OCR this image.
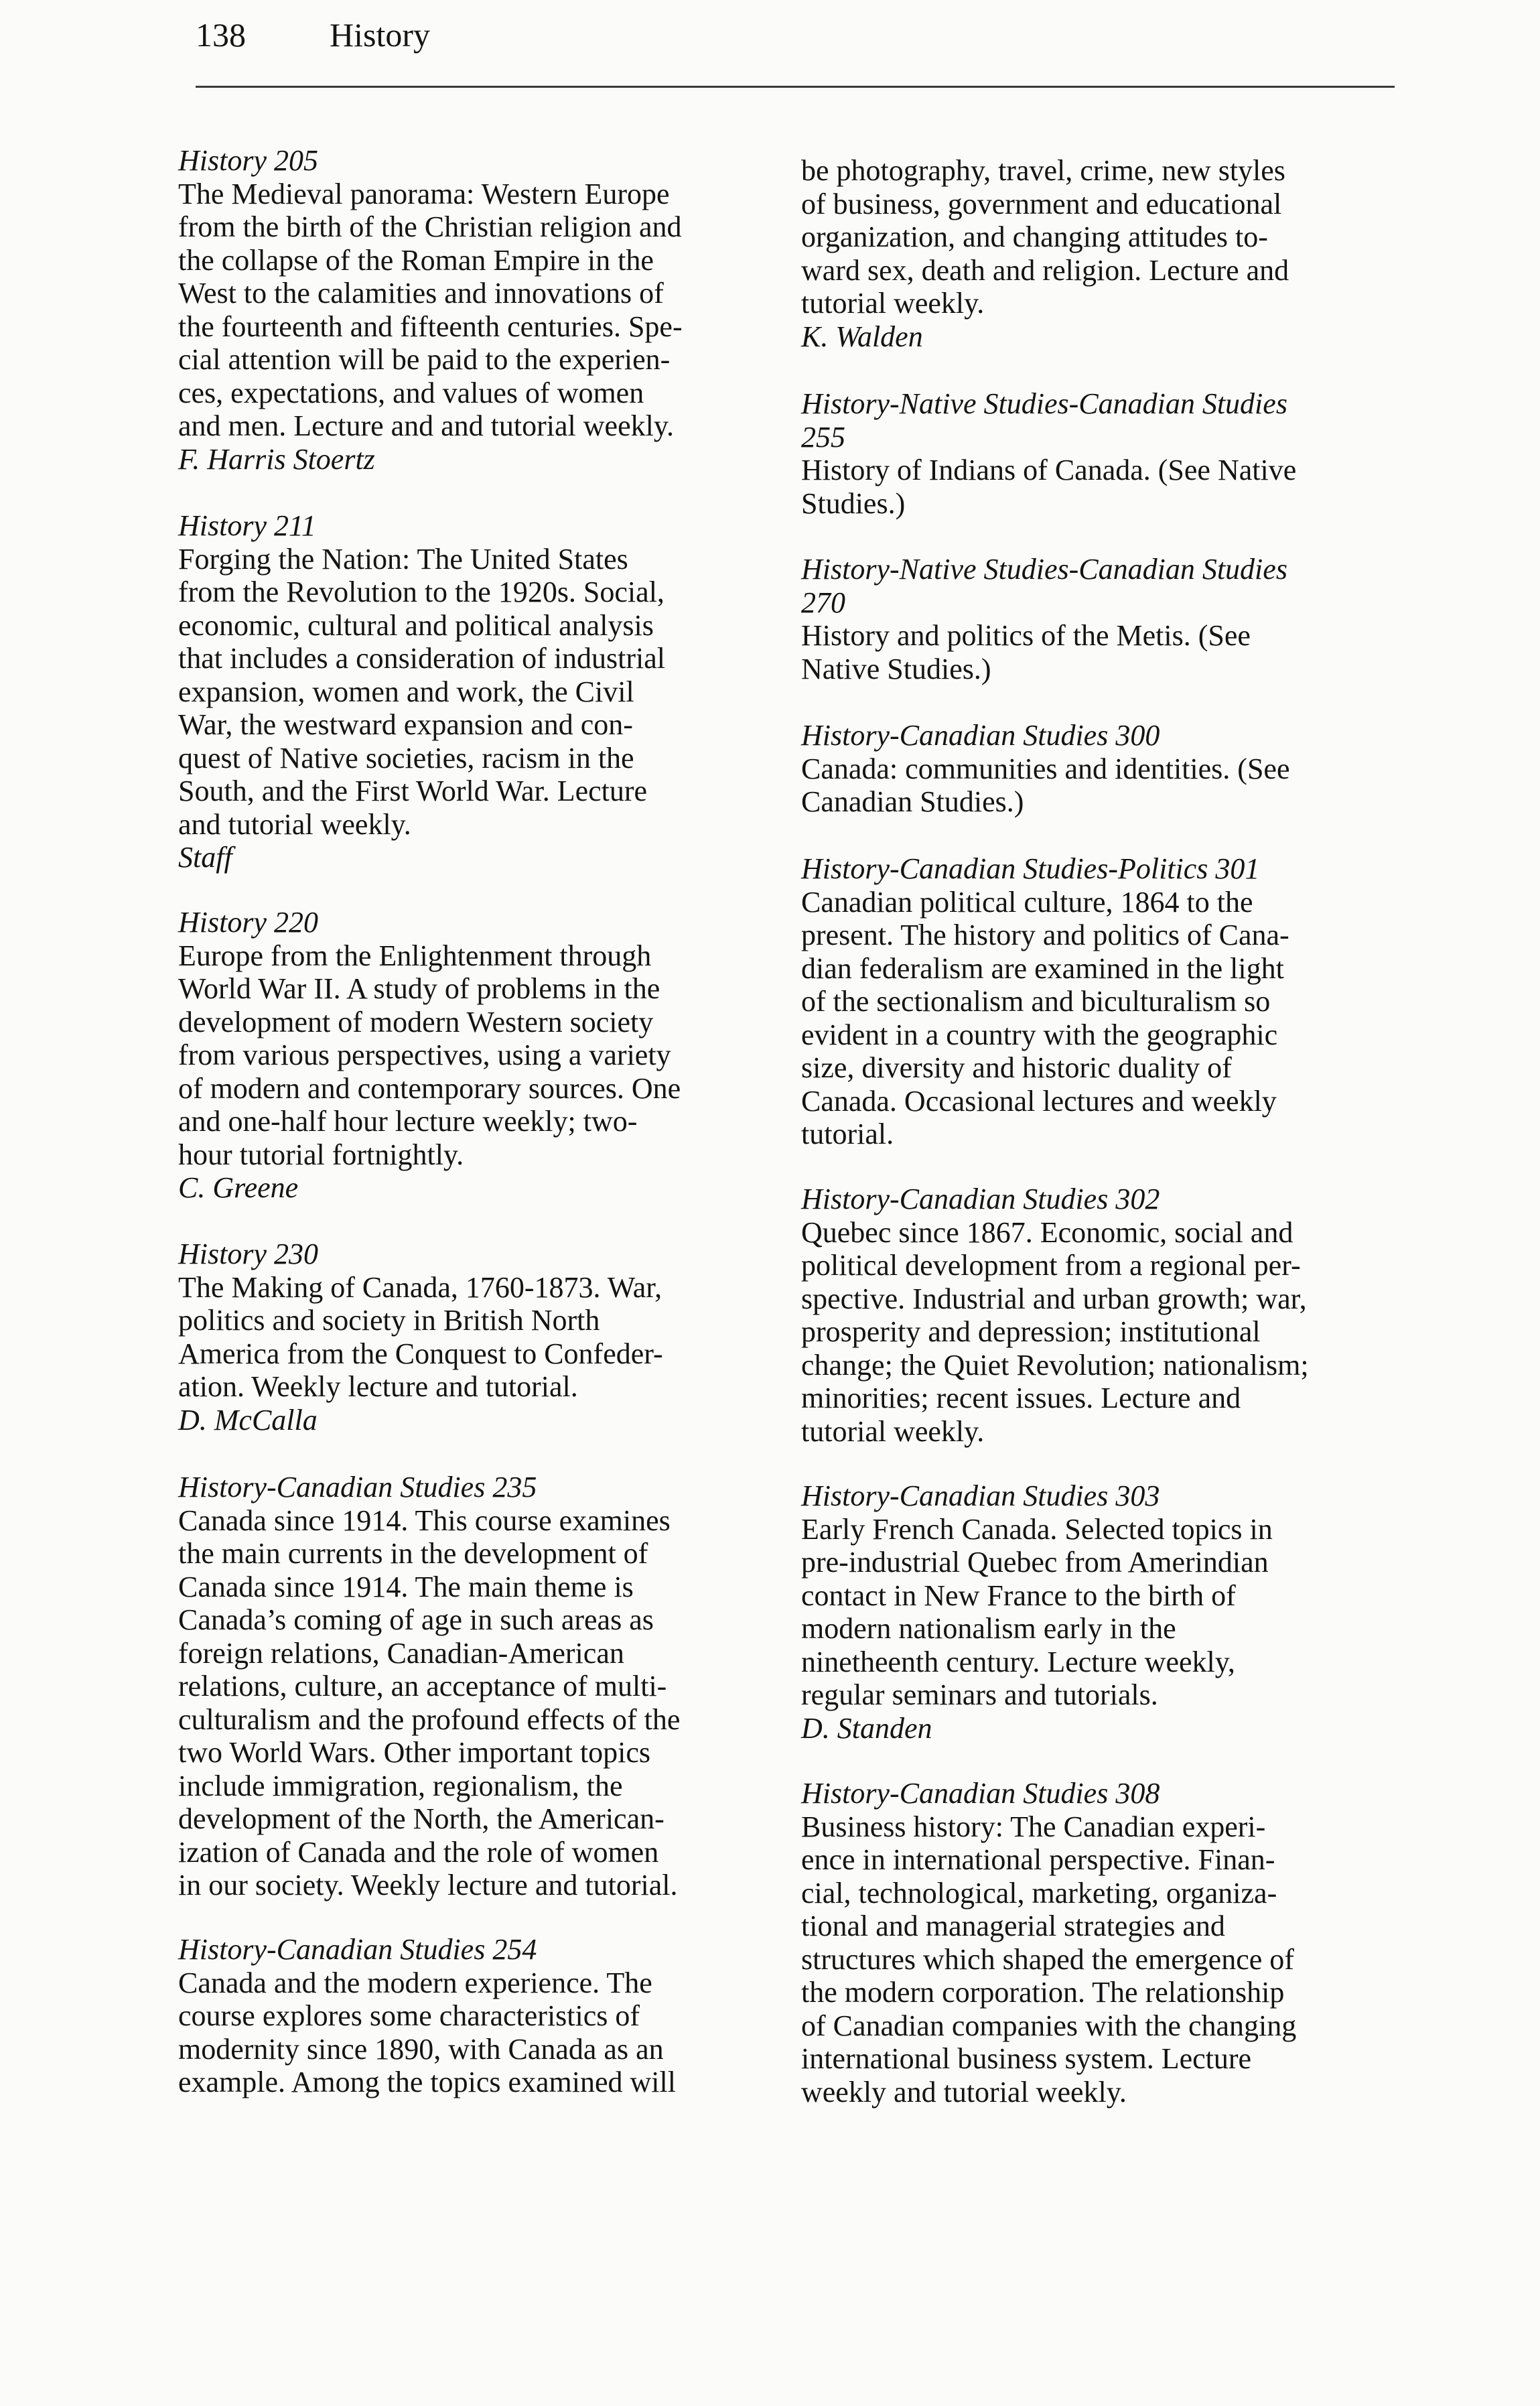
138	History

History 205

The Medieval panorama: Western Europe
from the birth of the Christian religion and
the collapse of the Roman Empire in the
West to the calamities and innovations of
the fourteenth and fifteenth centuries. Spe-
cial attention will be paid to the experien-
ces, expectations, and values of women
and men. Lecture and and tutorial weekly.

F. Harris Stoertz

History 211

Forging the Nation: The United States
from the Revolution to the 1920s. Social,
economic, cultural and political analysis
that includes a consideration of industrial
expansion, women and work, the Civil
War, the westward expansion and con-
quest of Native societies, racism in the
South, and the First World War. Lecture
and tutorial weekly.

Staff

History 220

Europe from the Enlightenment through
World War II. A study of problems in the
development of modern Western society
from various perspectives, using a variety
of modern and contemporary sources. One
and one-half hour lecture weekly; two-
hour tutorial fortnightly.

C. Greene

History 230

The Making of Canada, 1760-1873. War,
politics and society in British North
America from the Conquest to Confeder-
ation. Weekly lecture and tutorial.

D. McCalla

History-Canadian Studies 235

Canada since 1914. This course examines
the main currents in the development of
Canada since 1914. The main theme is
Canada’s coming of age in such areas as
foreign relations, Canadian-American
relations, culture, an acceptance of multi-
culturalism and the profound effects of the
two World Wars. Other important topics
include immigration, regionalism, the
development of the North, the American-
ization of Canada and the role of women
in our society. Weekly lecture and tutorial.

History-Canadian Studies 254

Canada and the modern experience. The
course explores some characteristics of
modernity since 1890, with Canada as an
example. Among the topics examined will

be photography, travel, crime, new styles
of business, government and educational
organization, and changing attitudes to-
ward sex, death and religion. Lecture and
tutorial weekly.

K. Walden

History-Native Studies-Canadian Studies
255

History of Indians of Canada. (See Native
Studies.)

History-Native Studies-Canadian Studies
270

History and politics of the Metis. (See
Native Studies.)

History-Canadian Studies 300

Canada: communities and identities. (See
Canadian Studies.)

History-Canadian Studies-Politics 301

Canadian political culture, 1864 to the
present. The history and politics of Cana-
dian federalism are examined in the light
of the sectionalism and biculturalism so
evident in a country with the geographic
size, diversity and historic duality of
Canada. Occasional lectures and weekly
tutorial.

History-Canadian Studies 302

Quebec since 1867. Economic, social and
political development from a regional per-
spective. Industrial and urban growth; war,
prosperity and depression; institutional
change; the Quiet Revolution; nationalism;
minorities; recent issues. Lecture and
tutorial weekly.

History-Canadian Studies 303

Early French Canada. Selected topics in
pre-industrial Quebec from Amerindian
contact in New France to the birth of
modern nationalism early in the
ninetheenth century. Lecture weekly,
regular seminars and tutorials.

D. Standen

History-Canadian Studies 308

Business history: The Canadian experi-
ence in international perspective. Finan-
cial, technological, marketing, organiza-
tional and managerial strategies and
structures which shaped the emergence of
the modern corporation. The relationship
of Canadian companies with the changing
international business system. Lecture
weekly and tutorial weekly.
